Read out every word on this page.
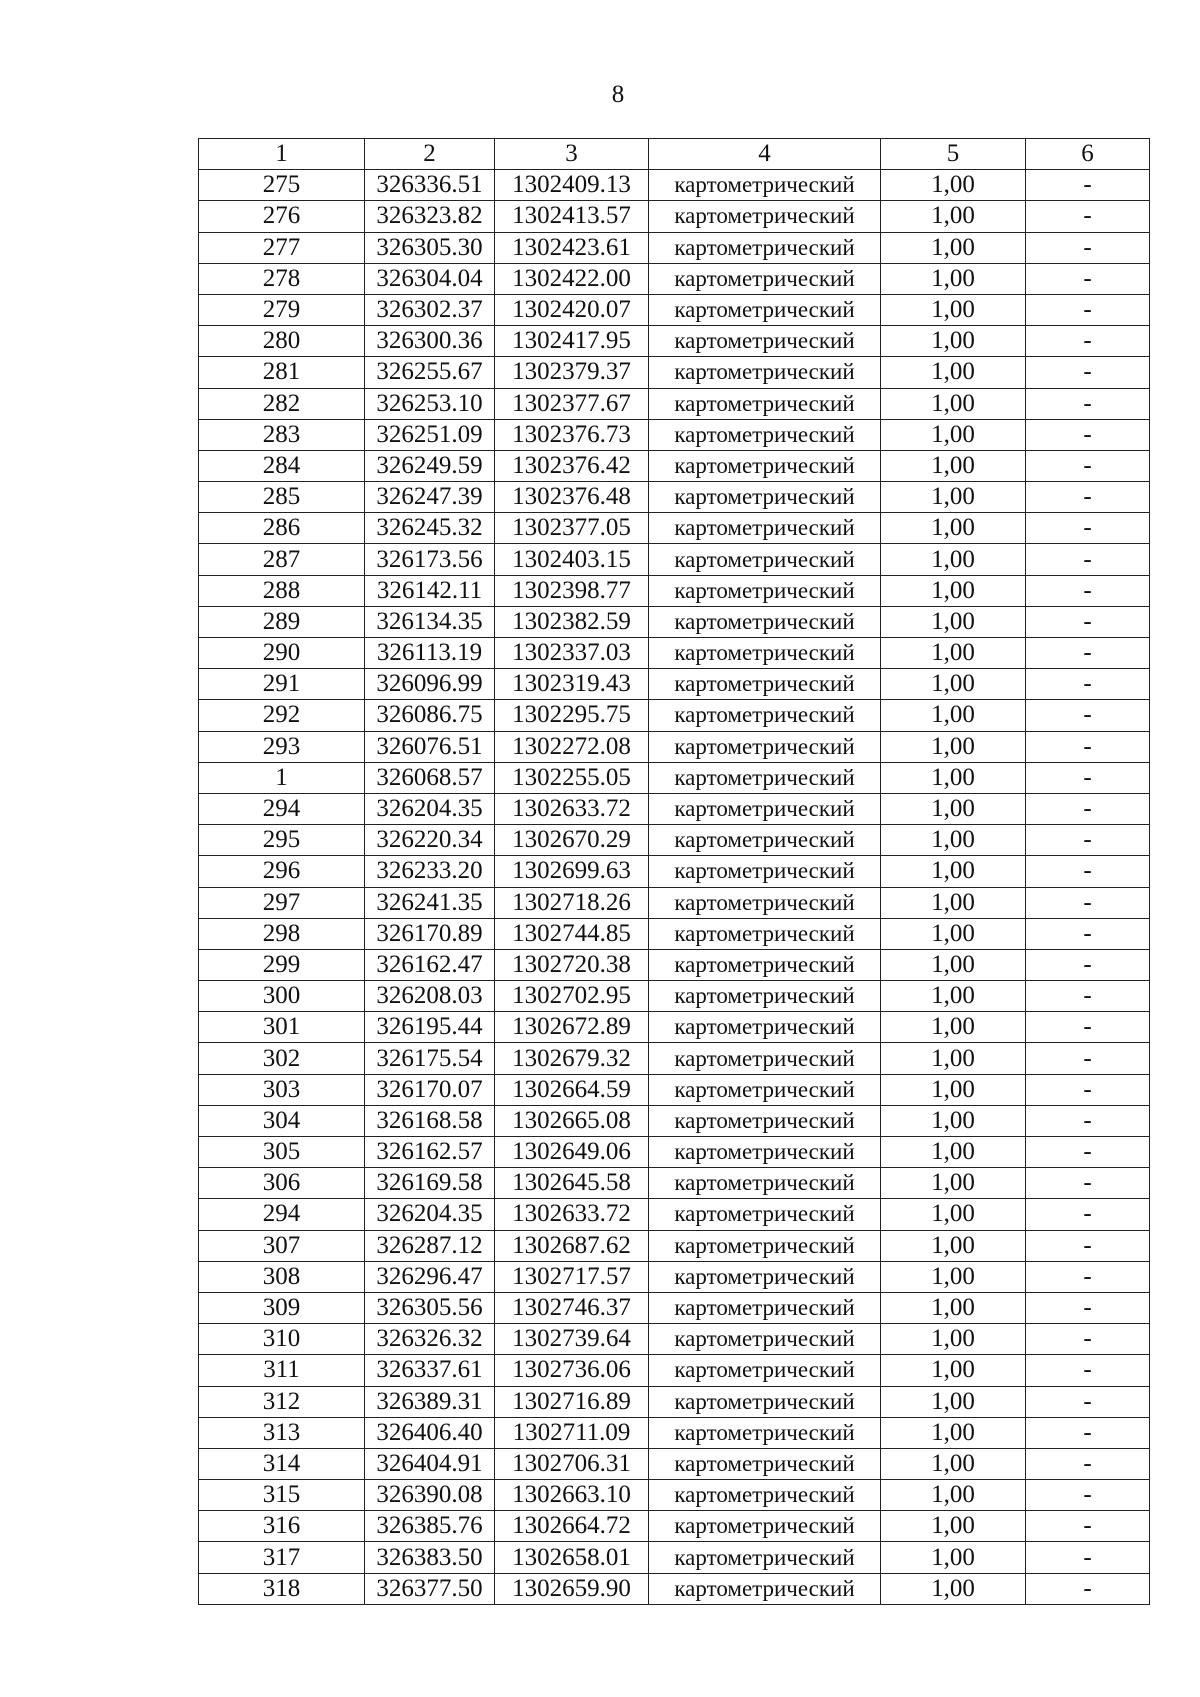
8
1	2	3	4	5	6
275	326336.51	1302409.13	картометрический	1,00	-
276	326323.82	1302413.57	картометрический	1,00	-
277	326305.30	1302423.61	картометрический	1,00	-
278	326304.04	1302422.00	картометрический	1,00	-
279	326302.37	1302420.07	картометрический	1,00	-
280	326300.36	1302417.95	картометрический	1,00	-
281	326255.67	1302379.37	картометрический	1,00	-
282	326253.10	1302377.67	картометрический	1,00	-
283	326251.09	1302376.73	картометрический	1,00	-
284	326249.59	1302376.42	картометрический	1,00	-
285	326247.39	1302376.48	картометрический	1,00	-
286	326245.32	1302377.05	картометрический	1,00	-
287	326173.56	1302403.15	картометрический	1,00	-
288	326142.11	1302398.77	картометрический	1,00	-
289	326134.35	1302382.59	картометрический	1,00	-
290	326113.19	1302337.03	картометрический	1,00	-
291	326096.99	1302319.43	картометрический	1,00	-
292	326086.75	1302295.75	картометрический	1,00	-
293	326076.51	1302272.08	картометрический	1,00	-
1	326068.57	1302255.05	картометрический	1,00	-
294	326204.35	1302633.72	картометрический	1,00	-
295	326220.34	1302670.29	картометрический	1,00	-
296	326233.20	1302699.63	картометрический	1,00	-
297	326241.35	1302718.26	картометрический	1,00	-
298	326170.89	1302744.85	картометрический	1,00	-
299	326162.47	1302720.38	картометрический	1,00	-
300	326208.03	1302702.95	картометрический	1,00	-
301	326195.44	1302672.89	картометрический	1,00	-
302	326175.54	1302679.32	картометрический	1,00	-
303	326170.07	1302664.59	картометрический	1,00	-
304	326168.58	1302665.08	картометрический	1,00	-
305	326162.57	1302649.06	картометрический	1,00	-
306	326169.58	1302645.58	картометрический	1,00	-
294	326204.35	1302633.72	картометрический	1,00	-
307	326287.12	1302687.62	картометрический	1,00	-
308	326296.47	1302717.57	картометрический	1,00	-
309	326305.56	1302746.37	картометрический	1,00	-
310	326326.32	1302739.64	картометрический	1,00	-
311	326337.61	1302736.06	картометрический	1,00	-
312	326389.31	1302716.89	картометрический	1,00	-
313	326406.40	1302711.09	картометрический	1,00	-
314	326404.91	1302706.31	картометрический	1,00	-
315	326390.08	1302663.10	картометрический	1,00	-
316	326385.76	1302664.72	картометрический	1,00	-
317	326383.50	1302658.01	картометрический	1,00	-
318	326377.50	1302659.90	картометрический	1,00	-
